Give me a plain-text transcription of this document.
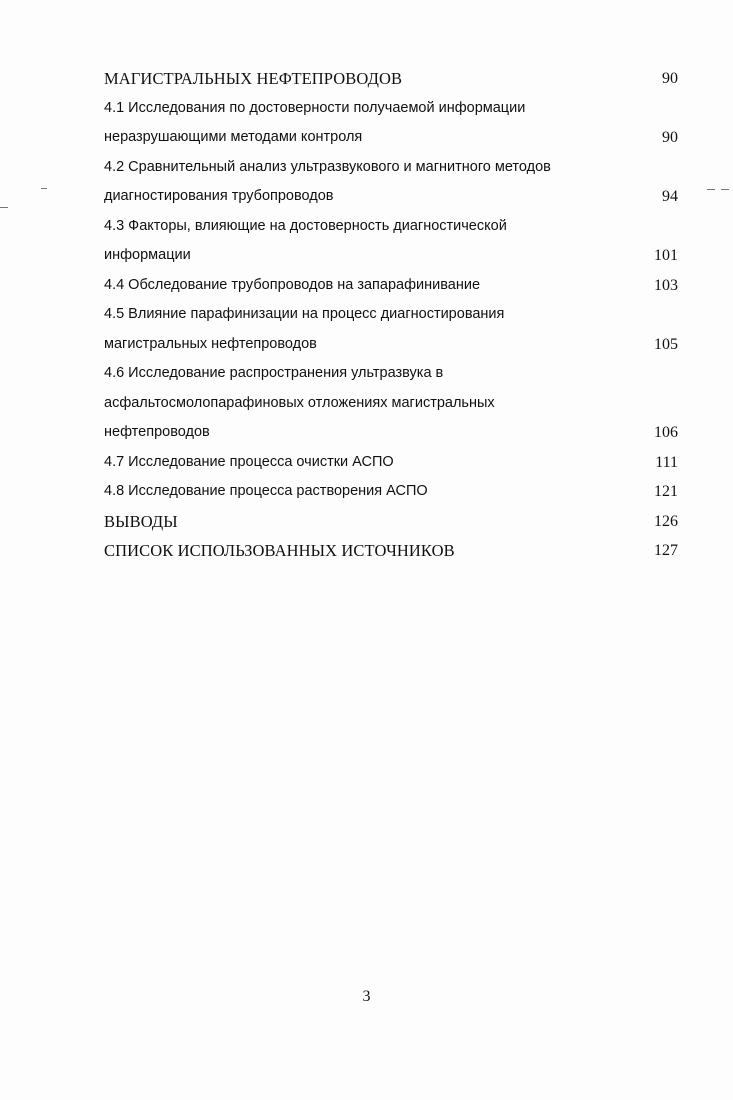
МАГИСТРАЛЬНЫХ НЕФТЕПРОВОДОВ	90
4.1 Исследования по достоверности получаемой информации
неразрушающими методами контроля	90
4.2 Сравнительный анализ ультразвукового и магнитного методов
диагностирования трубопроводов	94
4.3 Факторы, влияющие на достоверность диагностической
информации	101
4.4 Обследование трубопроводов на запарафинивание	103
4.5 Влияние парафинизации на процесс диагностирования
магистральных нефтепроводов	105
4.6 Исследование распространения ультразвука в
асфальтосмолопарафиновых отложениях магистральных
нефтепроводов	106
4.7 Исследование процесса очистки АСПО	111
4.8 Исследование процесса растворения АСПО	121
ВЫВОДЫ	126
СПИСОК ИСПОЛЬЗОВАННЫХ ИСТОЧНИКОВ	127
3
